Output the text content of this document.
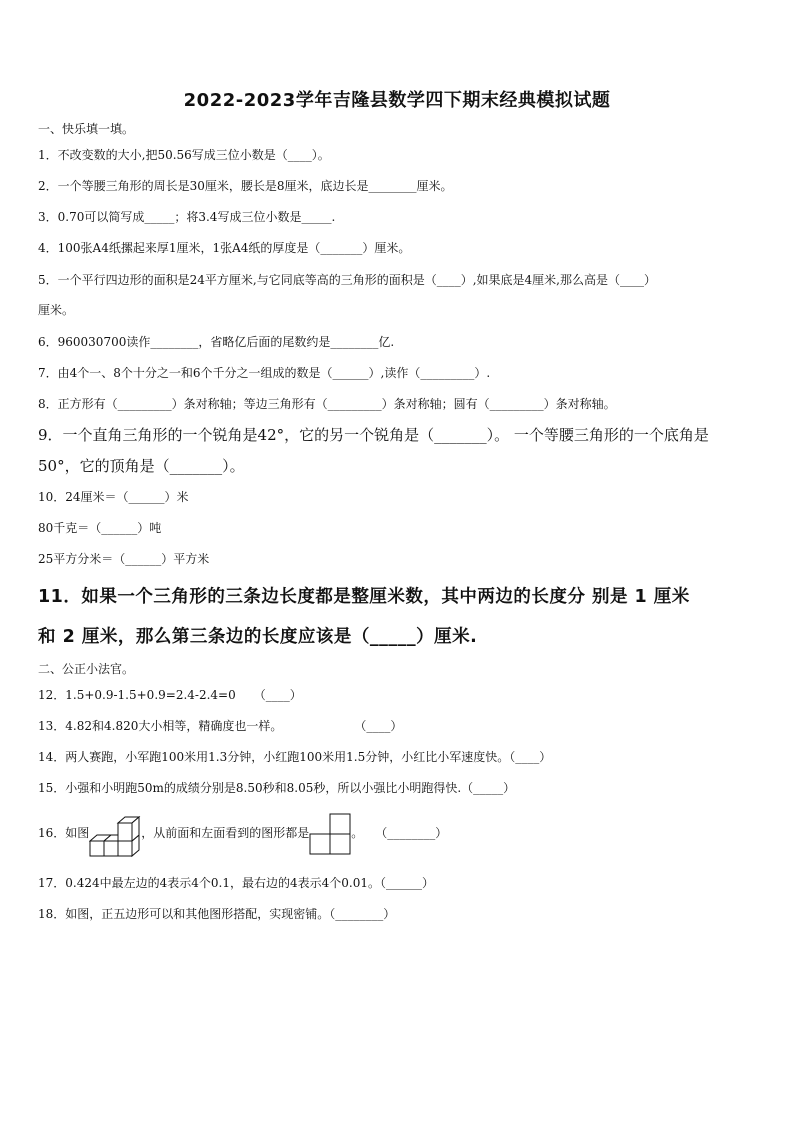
2022-2023学年吉隆县数学四下期末经典模拟试题
一、快乐填一填。
1．不改变数的大小,把50.56写成三位小数是（____）。
2．一个等腰三角形的周长是30厘米，腰长是8厘米，底边长是________厘米。
3．0.70可以简写成_____；将3.4写成三位小数是_____.
4．100张A4纸摞起来厚1厘米，1张A4纸的厚度是（_______）厘米。
5．一个平行四边形的面积是24平方厘米,与它同底等高的三角形的面积是（____）,如果底是4厘米,那么高是（____）
厘米。
6．960030700读作________，省略亿后面的尾数约是________亿.
7．由4个一、8个十分之一和6个千分之一组成的数是（______）,读作（_________）.
8．正方形有（_________）条对称轴；等边三角形有（_________）条对称轴；圆有（_________）条对称轴。
9．一个直角三角形的一个锐角是42°，它的另一个锐角是（_______）。 一个等腰三角形的一个底角是
50°，它的顶角是（_______）。
10．24厘米＝（______）米
80千克＝（______）吨
25平方分米＝（______）平方米
11．如果一个三角形的三条边长度都是整厘米数，其中两边的长度分 别是 1 厘米
和 2 厘米，那么第三条边的长度应该是（_____）厘米.
二、公正小法官。
12．1.5+0.9-1.5+0.9=2.4-2.4=0　　（____）
13．4.82和4.820大小相等，精确度也一样。　　　　　　　（____）
14．两人赛跑，小军跑100米用1.3分钟，小红跑100米用1.5分钟，小红比小军速度快。（____）
15．小强和小明跑50m的成绩分别是8.50秒和8.05秒，所以小强比小明跑得快.（_____）
16．如图	，从前面和左面看到的图形都是	。　　（________）
17．0.424中最左边的4表示4个0.1，最右边的4表示4个0.01。（______）
18．如图，正五边形可以和其他图形搭配，实现密铺。（________）
